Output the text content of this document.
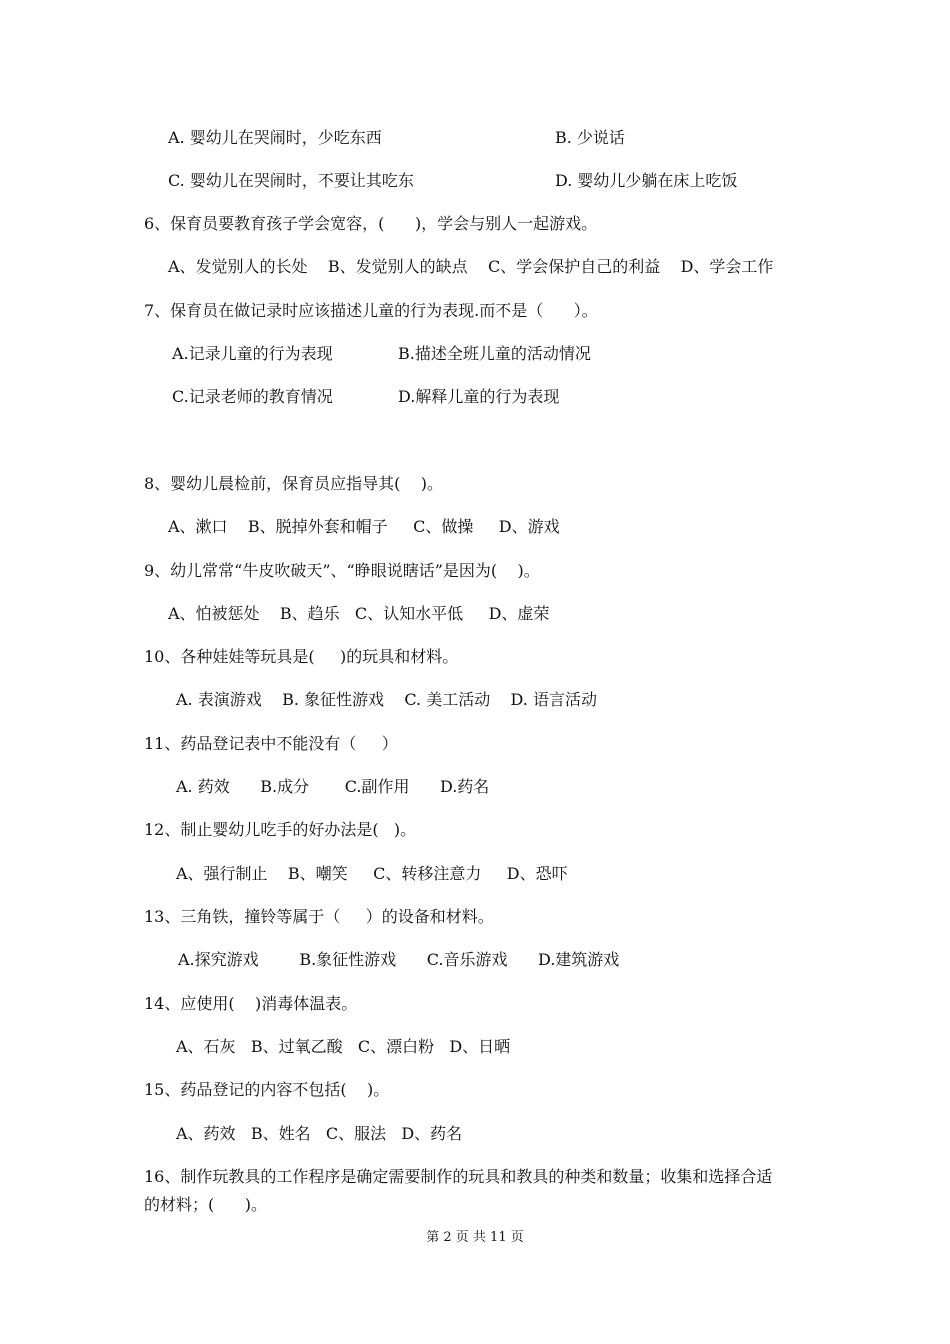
A. 婴幼儿在哭闹时，少吃东西	B. 少说话
C. 婴幼儿在哭闹时，不要让其吃东	D. 婴幼儿少躺在床上吃饭
6、保育员要教育孩子学会宽容，(      )，学会与别人一起游戏。
A、发觉别人的长处    B、发觉别人的缺点    C、学会保护自己的利益    D、学会工作
7、保育员在做记录时应该描述儿童的行为表现.而不是（      ）。
A.记录儿童的行为表现	B.描述全班儿童的活动情况
C.记录老师的教育情况	D.解释儿童的行为表现
8、婴幼儿晨检前，保育员应指导其(    )。
A、漱口    B、脱掉外套和帽子     C、做操     D、游戏
9、幼儿常常“牛皮吹破天”、“睁眼说瞎话”是因为(    )。
A、怕被惩处    B、趋乐   C、认知水平低     D、虚荣
10、各种娃娃等玩具是(     )的玩具和材料。
A. 表演游戏    B. 象征性游戏    C. 美工活动    D. 语言活动
11、药品登记表中不能没有（     ）
A. 药效      B.成分       C.副作用      D.药名
12、制止婴幼儿吃手的好办法是(   )。
A、强行制止    B、嘲笑     C、转移注意力     D、恐吓
13、三角铁，撞铃等属于（     ）的设备和材料。
A.探究游戏        B.象征性游戏      C.音乐游戏      D.建筑游戏
14、应使用(    )消毒体温表。
A、石灰   B、过氧乙酸   C、漂白粉   D、日晒
15、药品登记的内容不包括(    )。
A、药效   B、姓名   C、服法   D、药名
16、制作玩教具的工作程序是确定需要制作的玩具和教具的种类和数量；收集和选择合适
的材料；(      )。
第 2 页 共 11 页
